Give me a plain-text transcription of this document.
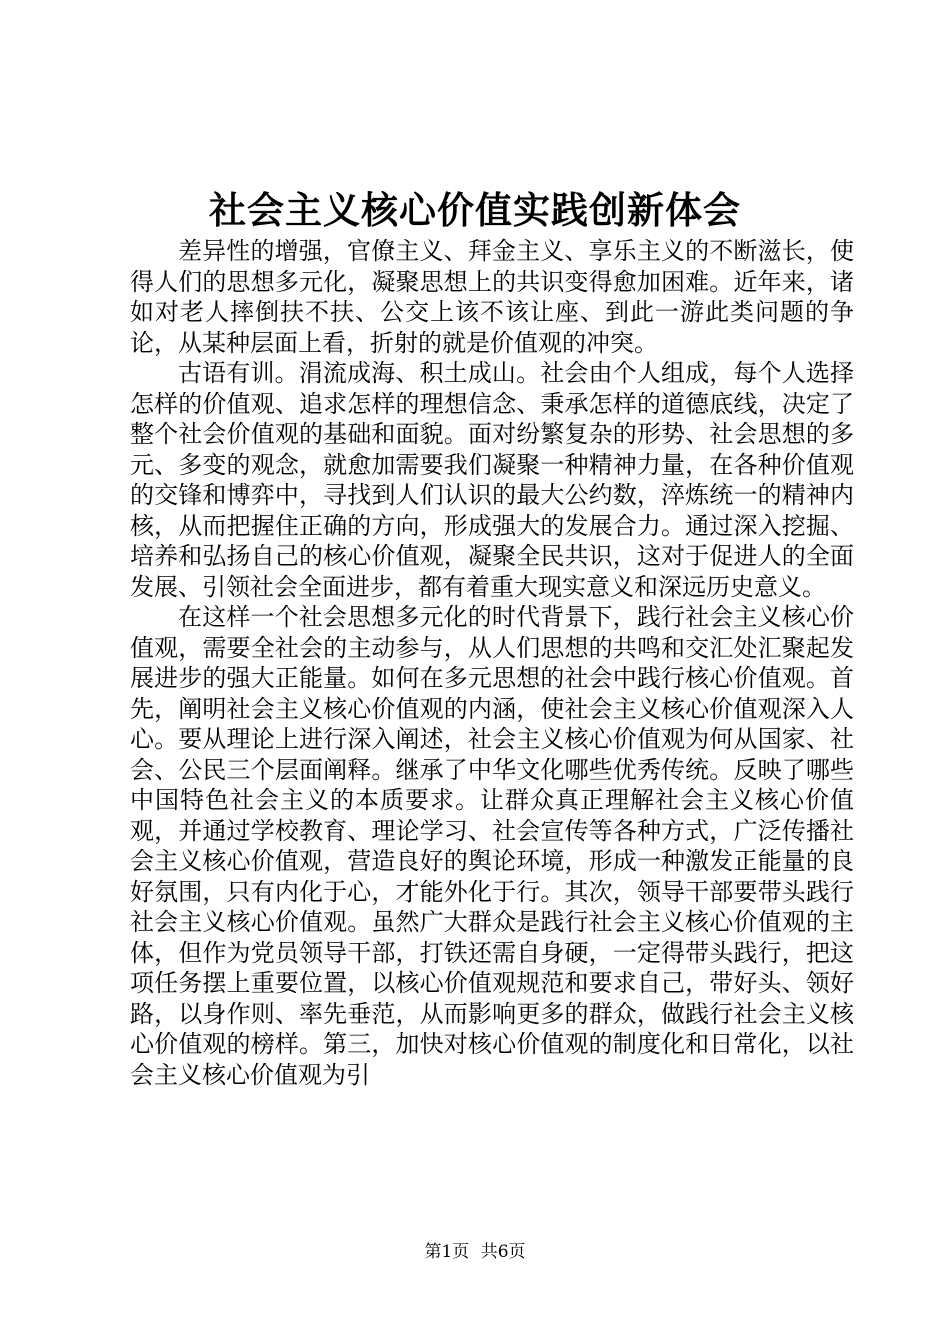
社会主义核心价值实践创新体会

差异性的增强，官僚主义、拜金主义、享乐主义的不断滋长，使得人们的思想多元化，凝聚思想上的共识变得愈加困难。近年来，诸如对老人摔倒扶不扶、公交上该不该让座、到此一游此类问题的争论，从某种层面上看，折射的就是价值观的冲突。

古语有训。涓流成海、积土成山。社会由个人组成，每个人选择怎样的价值观、追求怎样的理想信念、秉承怎样的道德底线，决定了整个社会价值观的基础和面貌。面对纷繁复杂的形势、社会思想的多元、多变的观念，就愈加需要我们凝聚一种精神力量，在各种价值观的交锋和博弈中，寻找到人们认识的最大公约数，淬炼统一的精神内核，从而把握住正确的方向，形成强大的发展合力。通过深入挖掘、培养和弘扬自己的核心价值观，凝聚全民共识，这对于促进人的全面发展、引领社会全面进步，都有着重大现实意义和深远历史意义。

在这样一个社会思想多元化的时代背景下，践行社会主义核心价值观，需要全社会的主动参与，从人们思想的共鸣和交汇处汇聚起发展进步的强大正能量。如何在多元思想的社会中践行核心价值观。首先，阐明社会主义核心价值观的内涵，使社会主义核心价值观深入人心。要从理论上进行深入阐述，社会主义核心价值观为何从国家、社会、公民三个层面阐释。继承了中华文化哪些优秀传统。反映了哪些中国特色社会主义的本质要求。让群众真正理解社会主义核心价值观，并通过学校教育、理论学习、社会宣传等各种方式，广泛传播社会主义核心价值观，营造良好的舆论环境，形成一种激发正能量的良好氛围，只有内化于心，才能外化于行。其次，领导干部要带头践行社会主义核心价值观。虽然广大群众是践行社会主义核心价值观的主体，但作为党员领导干部，打铁还需自身硬，一定得带头践行，把这项任务摆上重要位置，以核心价值观规范和要求自己，带好头、领好路，以身作则、率先垂范，从而影响更多的群众，做践行社会主义核心价值观的榜样。第三，加快对核心价值观的制度化和日常化，以社会主义核心价值观为引

第1页 共6页
